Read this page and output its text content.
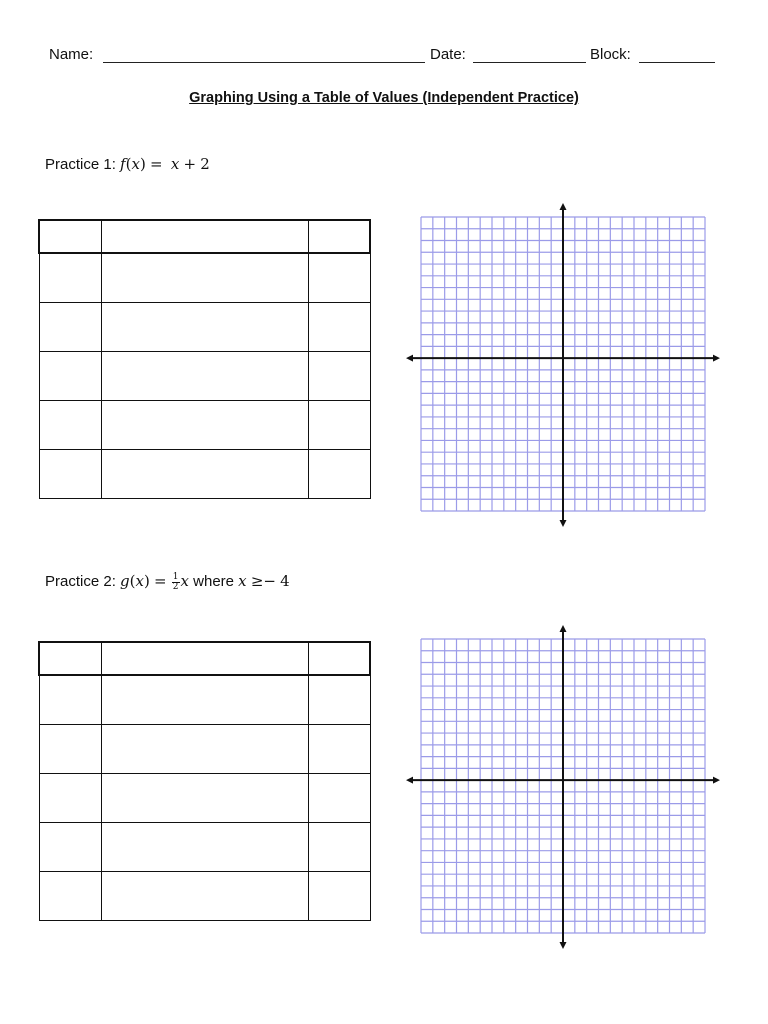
Name:	Date:	Block:
Graphing Using a Table of Values (Independent Practice)
Practice 1: f(x) = x + 2

Practice 2: $g(x) = \frac{1}{2}$ x where x ≥− 4
